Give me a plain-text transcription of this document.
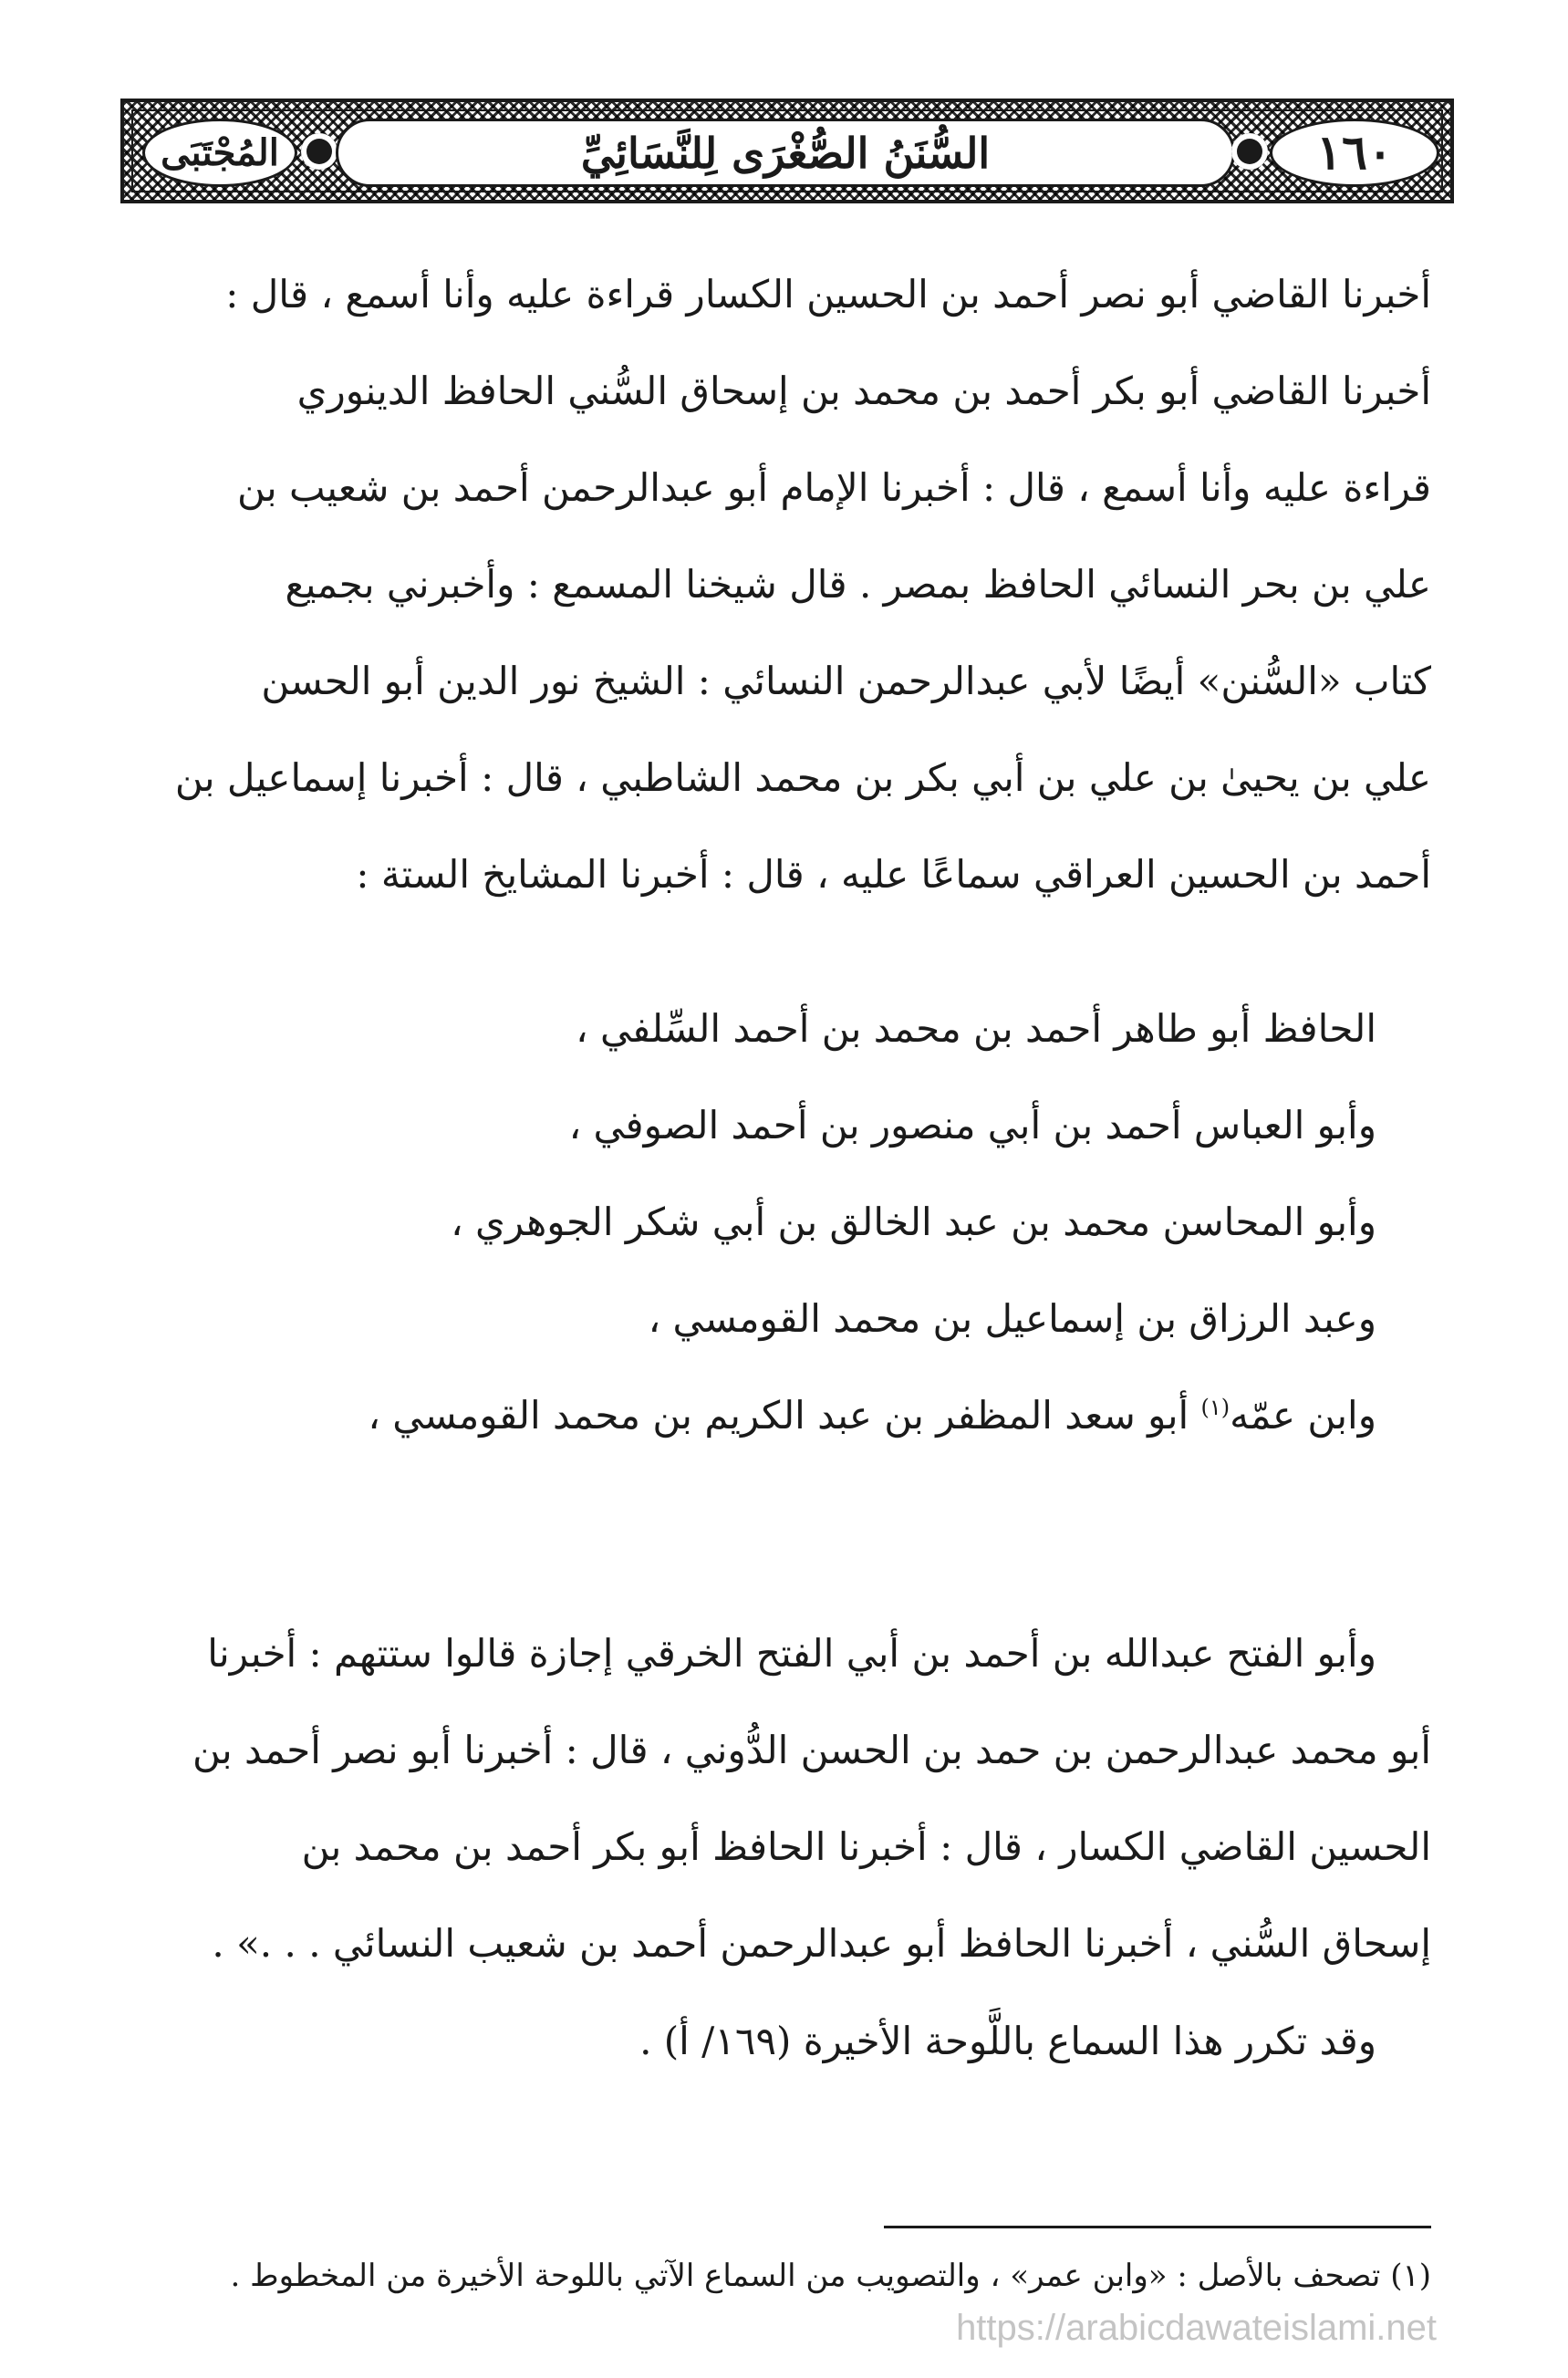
المُجْتَبَى	السُّنَنُ الصُّغْرَى لِلنَّسَائِيِّ	١٦٠

أخبرنا القاضي أبو نصر أحمد بن الحسين الكسار قراءة عليه وأنا أسمع ، قال :

أخبرنا القاضي أبو بكر أحمد بن محمد بن إسحاق السُّني الحافظ الدينوري

قراءة عليه وأنا أسمع ، قال : أخبرنا الإمام أبو عبدالرحمن أحمد بن شعيب بن

علي بن بحر النسائي الحافظ بمصر . قال شيخنا المسمع : وأخبرني بجميع

كتاب «السُّنن» أيضًا لأبي عبدالرحمن النسائي : الشيخ نور الدين أبو الحسن

علي بن يحيىٰ بن علي بن أبي بكر بن محمد الشاطبي ، قال : أخبرنا إسماعيل بن

أحمد بن الحسين العراقي سماعًا عليه ، قال : أخبرنا المشايخ الستة :

الحافظ أبو طاهر أحمد بن محمد بن أحمد السِّلفي ،

وأبو العباس أحمد بن أبي منصور بن أحمد الصوفي ،

وأبو المحاسن محمد بن عبد الخالق بن أبي شكر الجوهري ،

وعبد الرزاق بن إسماعيل بن محمد القومسي ،

وابن عمّه$^{(١)}$ أبو سعد المظفر بن عبد الكريم بن محمد القومسي ،

وأبو الفتح عبدالله بن أحمد بن أبي الفتح الخرقي إجازة قالوا ستتهم : أخبرنا

أبو محمد عبدالرحمن بن حمد بن الحسن الدُّوني ، قال : أخبرنا أبو نصر أحمد بن

الحسين القاضي الكسار ، قال : أخبرنا الحافظ أبو بكر أحمد بن محمد بن

إسحاق السُّني ، أخبرنا الحافظ أبو عبدالرحمن أحمد بن شعيب النسائي . . .» .

وقد تكرر هذا السماع باللَّوحة الأخيرة (١٦٩/ أ) .

(١) تصحف بالأصل : «وابن عمر» ، والتصويب من السماع الآتي باللوحة الأخيرة من المخطوط .
https://arabicdawateislami.net
